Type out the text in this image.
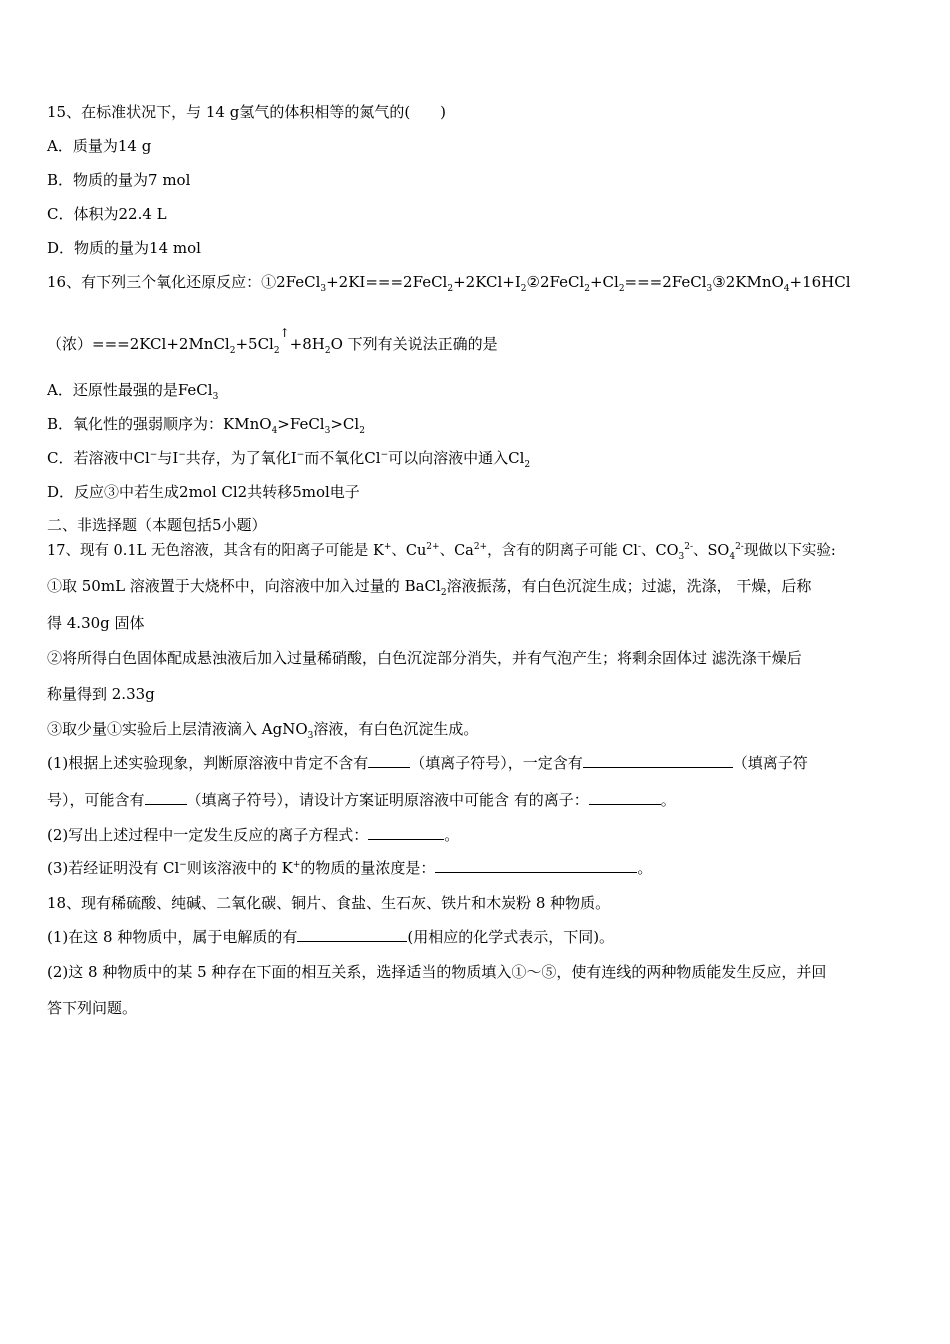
15、在标准状况下，与 14 g氢气的体积相等的氮气的(　　)
A．质量为14 g
B．物质的量为7 mol
C．体积为22.4 L
D．物质的量为14 mol
16、有下列三个氧化还原反应：$①2FeCl_3+2KI===2FeCl_2+2KCl+I_2②2FeCl_2+Cl_2===2FeCl_3③2KMnO_4+16HCl$
（浓）$===2KCl+2MnCl_2+5Cl_2^↑+8H_2O$ 下列有关说法正确的是
A．还原性最强的是FeCl$_3$
B．氧化性的强弱顺序为：$KMnO_4>FeCl_3>Cl_2$
C．若溶液中Cl−与I−共存，为了氧化I−而不氧化Cl−可以向溶液中通入$Cl_2$
D．反应③中若生成2mol Cl2共转移5mol电子
二、非选择题（本题包括5小题）
17、现有 0.1L 无色溶液，其含有的阳离子可能是 K+、$Cu^{2+}$、$Ca^{2+}$，含有的阴离子可能 Cl-、$CO_3^{2-}$、$SO_4^{2-}$现做以下实验:
①取 50mL 溶液置于大烧杯中，向溶液中加入过量的 BaCl$_2$溶液振荡，有白色沉淀生成；过滤，洗涤， 干燥，后称
得 4.30g 固体
②将所得白色固体配成悬浊液后加入过量稀硝酸，白色沉淀部分消失，并有气泡产生；将剩余固体过 滤洗涤干燥后
称量得到 2.33g
③取少量①实验后上层清液滴入 AgNO$_3$溶液，有白色沉淀生成。
(1)根据上述实验现象，判断原溶液中肯定不含有	（填离子符号），一定含有	（填离子符
号），可能含有	（填离子符号），请设计方案证明原溶液中可能含 有的离子：	。
(2)写出上述过程中一定发生反应的离子方程式：	。
(3)若经证明没有 Cl−则该溶液中的 K+的物质的量浓度是：	。
18、现有稀硫酸、纯碱、二氧化碳、铜片、食盐、生石灰、铁片和木炭粉 8 种物质。
(1)在这 8 种物质中，属于电解质的有	(用相应的化学式表示，下同)。
(2)这 8 种物质中的某 5 种存在下面的相互关系，选择适当的物质填入①～⑤，使有连线的两种物质能发生反应，并回
答下列问题。
